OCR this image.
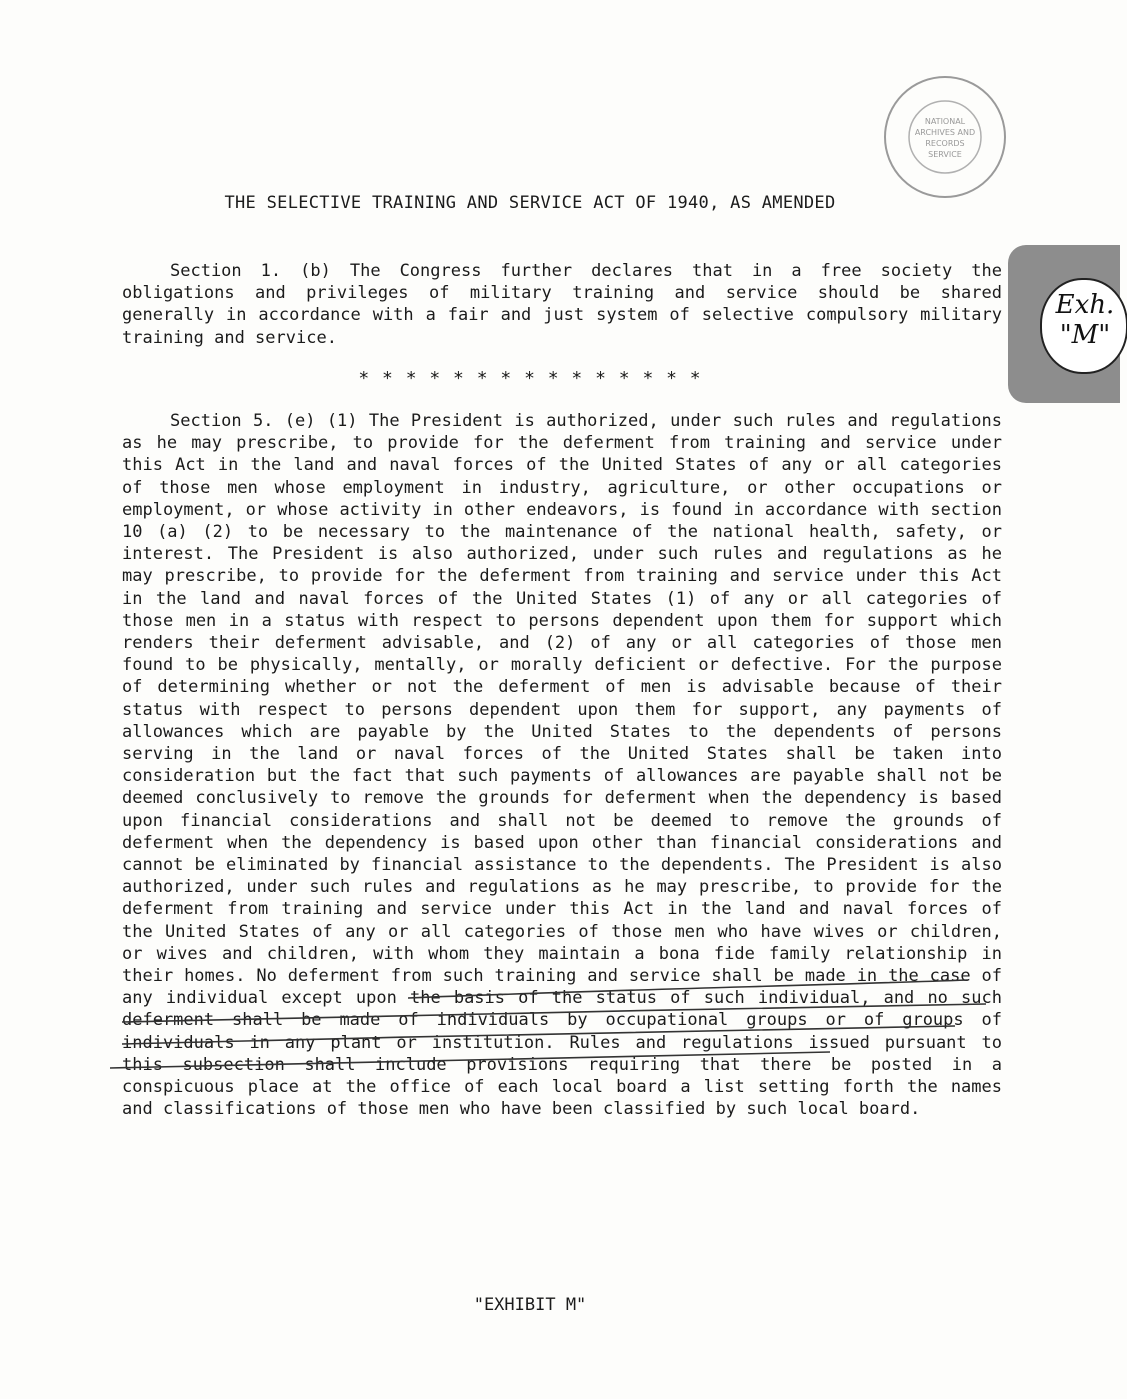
NATIONAL
ARCHIVES AND
RECORDS
SERVICE
Exh.
"M"
THE SELECTIVE TRAINING AND SERVICE ACT OF 1940, AS AMENDED

Section 1. (b) The Congress further declares that in a free society the obligations and privileges of military training and service should be shared generally in accordance with a fair and just system of selective compulsory military training and service.

* * * * * * * * * * * * * * *

Section 5. (e) (1) The President is authorized, under such rules and regulations as he may prescribe, to provide for the deferment from training and service under this Act in the land and naval forces of the United States of any or all categories of those men whose employment in industry, agriculture, or other occupations or employment, or whose activity in other endeavors, is found in accordance with section 10 (a) (2) to be necessary to the maintenance of the national health, safety, or interest. The President is also authorized, under such rules and regulations as he may prescribe, to provide for the deferment from training and service under this Act in the land and naval forces of the United States (1) of any or all categories of those men in a status with respect to persons dependent upon them for support which renders their deferment advisable, and (2) of any or all categories of those men found to be physically, mentally, or morally deficient or defective. For the purpose of determining whether or not the deferment of men is advisable because of their status with respect to persons dependent upon them for support, any payments of allowances which are payable by the United States to the dependents of persons serving in the land or naval forces of the United States shall be taken into consideration but the fact that such payments of allowances are payable shall not be deemed conclusively to remove the grounds for deferment when the dependency is based upon financial considerations and shall not be deemed to remove the grounds of deferment when the dependency is based upon other than financial considerations and cannot be eliminated by financial assistance to the dependents. The President is also authorized, under such rules and regulations as he may prescribe, to provide for the deferment from training and service under this Act in the land and naval forces of the United States of any or all categories of those men who have wives or children, or wives and children, with whom they maintain a bona fide family relationship in their homes. No deferment from such training and service shall be made in the case of any individual except upon the basis of the status of such individual, and no such deferment shall be made of individuals by occupational groups or of groups of individuals in any plant or institution. Rules and regulations issued pursuant to this subsection shall include provisions requiring that there be posted in a conspicuous place at the office of each local board a list setting forth the names and classifications of those men who have been classified by such local board.

"EXHIBIT M"
